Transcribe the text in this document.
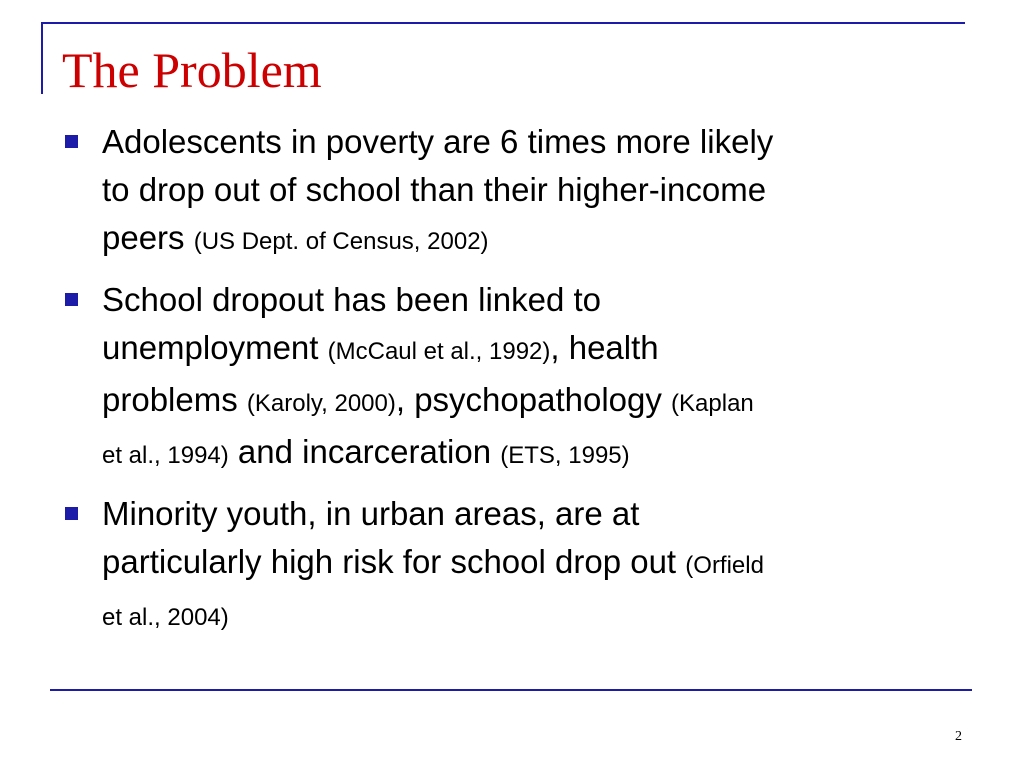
The Problem
Adolescents in poverty are 6 times more likely
to drop out of school than their higher-income
peers (US Dept. of Census, 2002)
School dropout has been linked to
unemployment (McCaul et al., 1992), health
problems (Karoly, 2000), psychopathology (Kaplan
et al., 1994) and incarceration (ETS, 1995)
Minority youth, in urban areas, are at
particularly high risk for school drop out (Orfield
et al., 2004)
2
